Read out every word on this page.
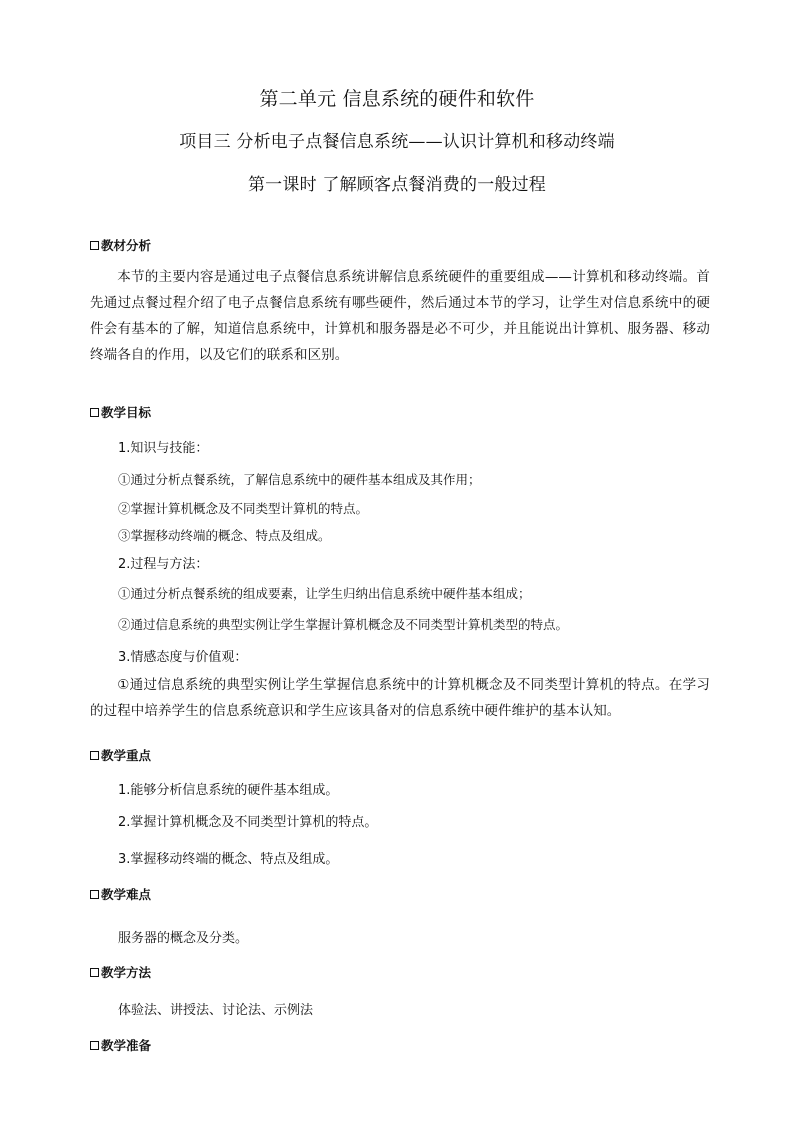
第二单元 信息系统的硬件和软件
项目三 分析电子点餐信息系统——认识计算机和移动终端
第一课时 了解顾客点餐消费的一般过程
教材分析
本节的主要内容是通过电子点餐信息系统讲解信息系统硬件的重要组成——计算机和移动终端。首先通过点餐过程介绍了电子点餐信息系统有哪些硬件，然后通过本节的学习，让学生对信息系统中的硬件会有基本的了解，知道信息系统中，计算机和服务器是必不可少，并且能说出计算机、服务器、移动终端各自的作用，以及它们的联系和区别。
教学目标
1.知识与技能：
①通过分析点餐系统，了解信息系统中的硬件基本组成及其作用；
②掌握计算机概念及不同类型计算机的特点。
③掌握移动终端的概念、特点及组成。
2.过程与方法：
①通过分析点餐系统的组成要素，让学生归纳出信息系统中硬件基本组成；
②通过信息系统的典型实例让学生掌握计算机概念及不同类型计算机类型的特点。
3.情感态度与价值观：
①通过信息系统的典型实例让学生掌握信息系统中的计算机概念及不同类型计算机的特点。在学习的过程中培养学生的信息系统意识和学生应该具备对的信息系统中硬件维护的基本认知。
教学重点
1.能够分析信息系统的硬件基本组成。
2.掌握计算机概念及不同类型计算机的特点。
3.掌握移动终端的概念、特点及组成。
教学难点
服务器的概念及分类。
教学方法
体验法、讲授法、讨论法、示例法
教学准备
